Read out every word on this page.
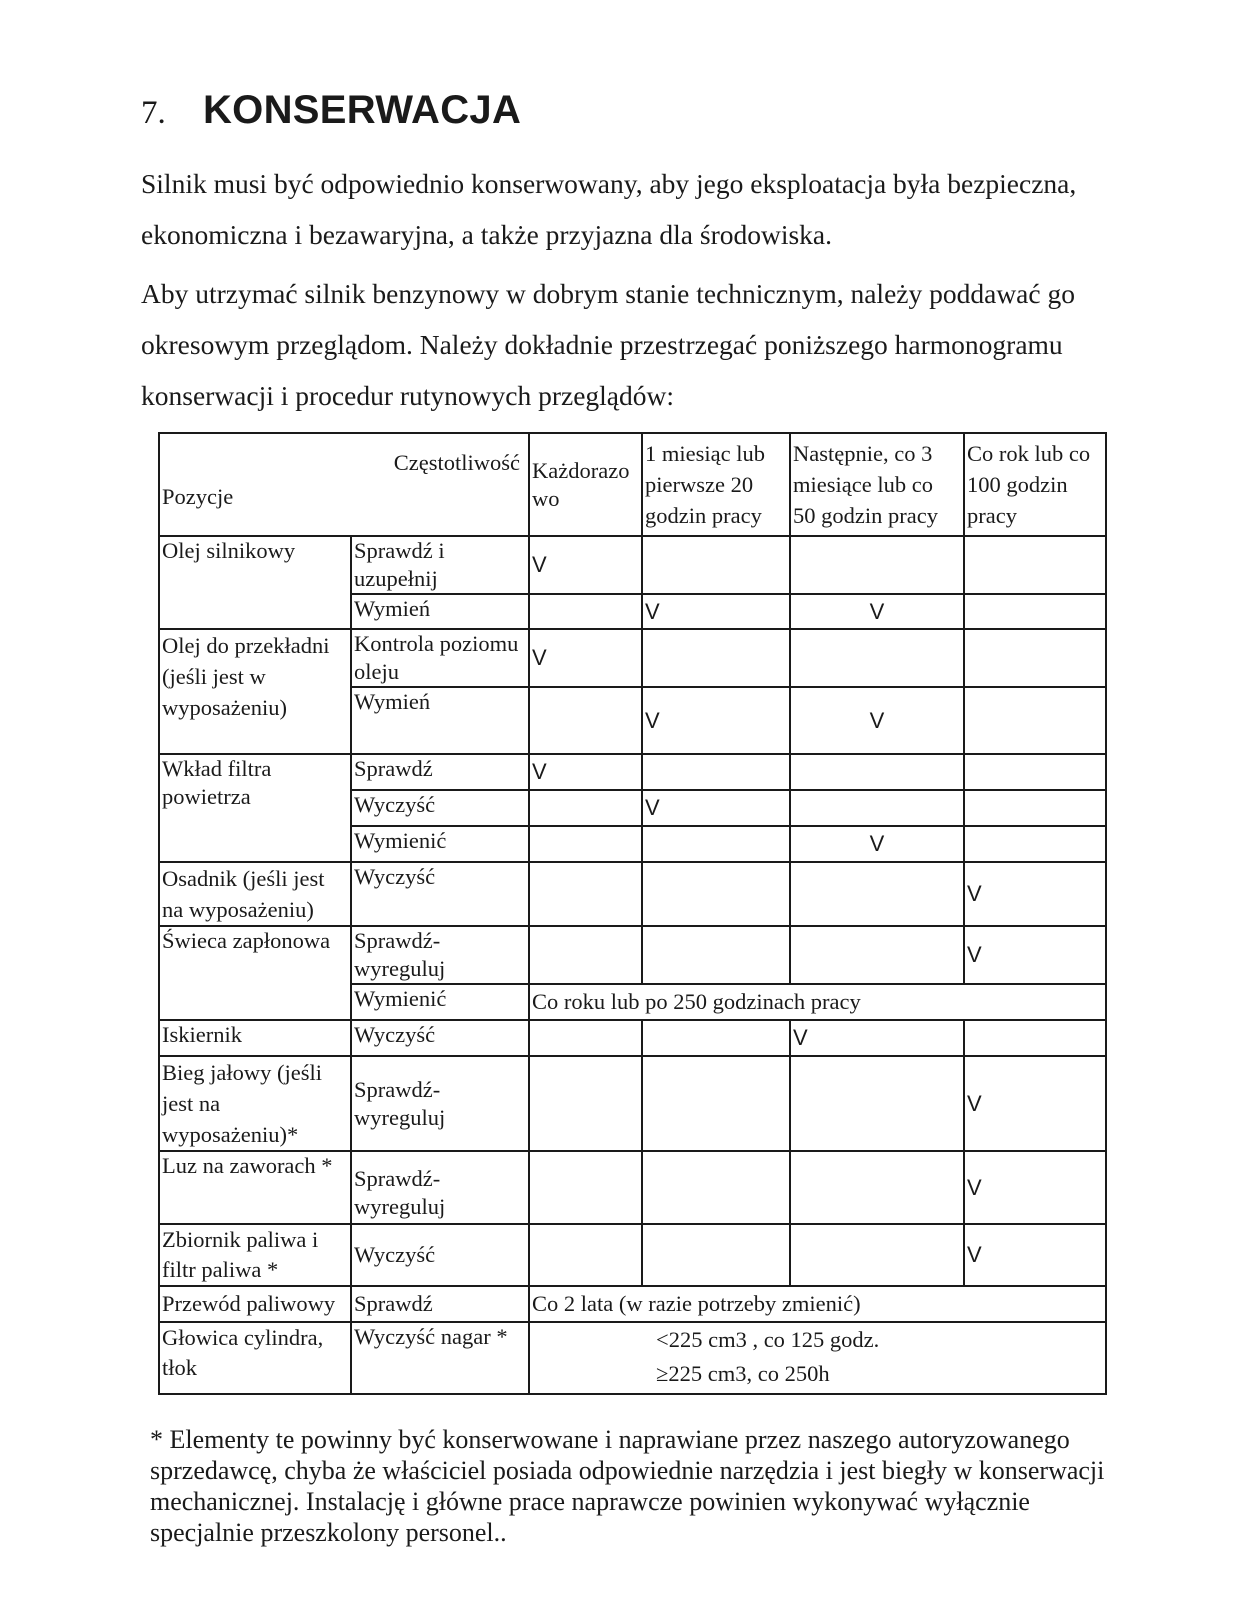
7. KONSERWACJA

Silnik musi być odpowiednio konserwowany, aby jego eksploatacja była bezpieczna, ekonomiczna i bezawaryjna, a także przyjazna dla środowiska.

Aby utrzymać silnik benzynowy w dobrym stanie technicznym, należy poddawać go okresowym przeglądom. Należy dokładnie przestrzegać poniższego harmonogramu konserwacji i procedur rutynowych przeglądów:

Częstotliwość
Pozycje		Każdorazo wo	1 miesiąc lub pierwsze 20 godzin pracy	Następnie, co 3 miesiące lub co 50 godzin pracy	Co rok lub co 100 godzin pracy
Olej silnikowy	Sprawdź i uzupełnij	V			
	Wymień		V	V	
Olej do przekładni (jeśli jest w wyposażeniu)	Kontrola poziomu oleju	V			
	Wymień		V	V	
Wkład filtra powietrza	Sprawdź	V			
	Wyczyść		V		
	Wymienić			V	
Osadnik (jeśli jest na wyposażeniu)	Wyczyść				V
Świeca zapłonowa	Sprawdź-wyreguluj				V
	Wymienić	Co roku lub po 250 godzinach pracy			
Iskiernik	Wyczyść			V	
Bieg jałowy (jeśli jest na wyposażeniu)*	Sprawdź-wyreguluj				V
Luz na zaworach *	Sprawdź-wyreguluj				V
Zbiornik paliwa i filtr paliwa *	Wyczyść				V
Przewód paliwowy	Sprawdź	Co 2 lata (w razie potrzeby zmienić)			
Głowica cylindra, tłok	Wyczyść nagar *	<225 cm3 , co 125 godz.
≥225 cm3, co 250h			

* Elementy te powinny być konserwowane i naprawiane przez naszego autoryzowanego sprzedawcę, chyba że właściciel posiada odpowiednie narzędzia i jest biegły w konserwacji mechanicznej. Instalację i główne prace naprawcze powinien wykonywać wyłącznie specjalnie przeszkolony personel..
